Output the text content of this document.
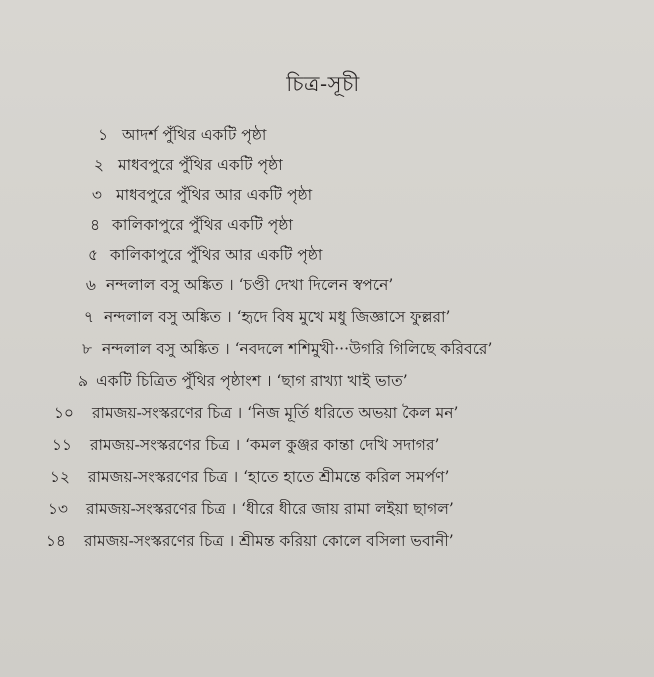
চিত্র-সূচী
১ আদর্শ পুঁথির একটি পৃষ্ঠা
২ মাধবপুরে পুঁথির একটি পৃষ্ঠা
৩ মাধবপুরে পুঁথির আর একটি পৃষ্ঠা
৪ কালিকাপুরে পুঁথির একটি পৃষ্ঠা
৫ কালিকাপুরে পুঁথির আর একটি পৃষ্ঠা
৬ নন্দলাল বসু অঙ্কিত । ‘চণ্ডী দেখা দিলেন স্বপনে’
৭ নন্দলাল বসু অঙ্কিত । ‘হৃদে বিষ মুখে মধু জিজ্ঞাসে ফুল্লরা’
৮ নন্দলাল বসু অঙ্কিত । ‘নবদলে শশিমুখী···উগরি গিলিছে করিবরে’
৯ একটি চিত্রিত পুঁথির পৃষ্ঠাংশ । ‘ছাগ রাখ্যা খাই ভাত’
১০ রামজয়-সংস্করণের চিত্র । ‘নিজ মূর্তি ধরিতে অভয়া কৈল মন’
১১ রামজয়-সংস্করণের চিত্র । ‘কমল কুঞ্জর কান্তা দেখি সদাগর’
১২ রামজয়-সংস্করণের চিত্র । ‘হাতে হাতে শ্রীমন্তে করিল সমর্পণ’
১৩ রামজয়-সংস্করণের চিত্র । ‘ধীরে ধীরে জায় রামা লইয়া ছাগল’
১৪ রামজয়-সংস্করণের চিত্র । শ্রীমন্ত করিয়া কোলে বসিলা ভবানী’
